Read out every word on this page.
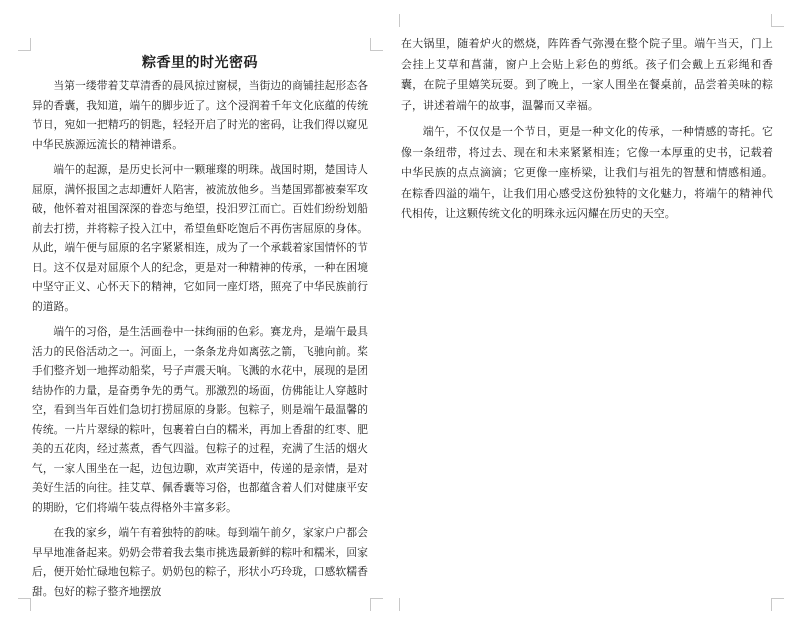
粽香里的时光密码

当第一缕带着艾草清香的晨风掠过窗棂，当街边的商铺挂起形态各异的香囊，我知道，端午的脚步近了。这个浸润着千年文化底蕴的传统节日，宛如一把精巧的钥匙，轻轻开启了时光的密码，让我们得以窥见中华民族源远流长的精神谱系。

端午的起源，是历史长河中一颗璀璨的明珠。战国时期，楚国诗人屈原，满怀报国之志却遭奸人陷害，被流放他乡。当楚国郢都被秦军攻破，他怀着对祖国深深的眷恋与绝望，投汨罗江而亡。百姓们纷纷划船前去打捞，并将粽子投入江中，希望鱼虾吃饱后不再伤害屈原的身体。从此，端午便与屈原的名字紧紧相连，成为了一个承载着家国情怀的节日。这不仅是对屈原个人的纪念，更是对一种精神的传承，一种在困境中坚守正义、心怀天下的精神，它如同一座灯塔，照亮了中华民族前行的道路。

端午的习俗，是生活画卷中一抹绚丽的色彩。赛龙舟，是端午最具活力的民俗活动之一。河面上，一条条龙舟如离弦之箭，飞驰向前。桨手们整齐划一地挥动船桨，号子声震天响。飞溅的水花中，展现的是团结协作的力量，是奋勇争先的勇气。那激烈的场面，仿佛能让人穿越时空，看到当年百姓们急切打捞屈原的身影。包粽子，则是端午最温馨的传统。一片片翠绿的粽叶，包裹着白白的糯米，再加上香甜的红枣、肥美的五花肉，经过蒸煮，香气四溢。包粽子的过程，充满了生活的烟火气，一家人围坐在一起，边包边聊，欢声笑语中，传递的是亲情，是对美好生活的向往。挂艾草、佩香囊等习俗，也都蕴含着人们对健康平安的期盼，它们将端午装点得格外丰富多彩。

在我的家乡，端午有着独特的韵味。每到端午前夕，家家户户都会早早地准备起来。奶奶会带着我去集市挑选最新鲜的粽叶和糯米，回家后，便开始忙碌地包粽子。奶奶包的粽子，形状小巧玲珑，口感软糯香甜。包好的粽子整齐地摆放

在大锅里，随着炉火的燃烧，阵阵香气弥漫在整个院子里。端午当天，门上会挂上艾草和菖蒲，窗户上会贴上彩色的剪纸。孩子们会戴上五彩绳和香囊，在院子里嬉笑玩耍。到了晚上，一家人围坐在餐桌前，品尝着美味的粽子，讲述着端午的故事，温馨而又幸福。

端午，不仅仅是一个节日，更是一种文化的传承，一种情感的寄托。它像一条纽带，将过去、现在和未来紧紧相连；它像一本厚重的史书，记载着中华民族的点点滴滴；它更像一座桥梁，让我们与祖先的智慧和情感相通。在粽香四溢的端午，让我们用心感受这份独特的文化魅力，将端午的精神代代相传，让这颗传统文化的明珠永远闪耀在历史的天空。
